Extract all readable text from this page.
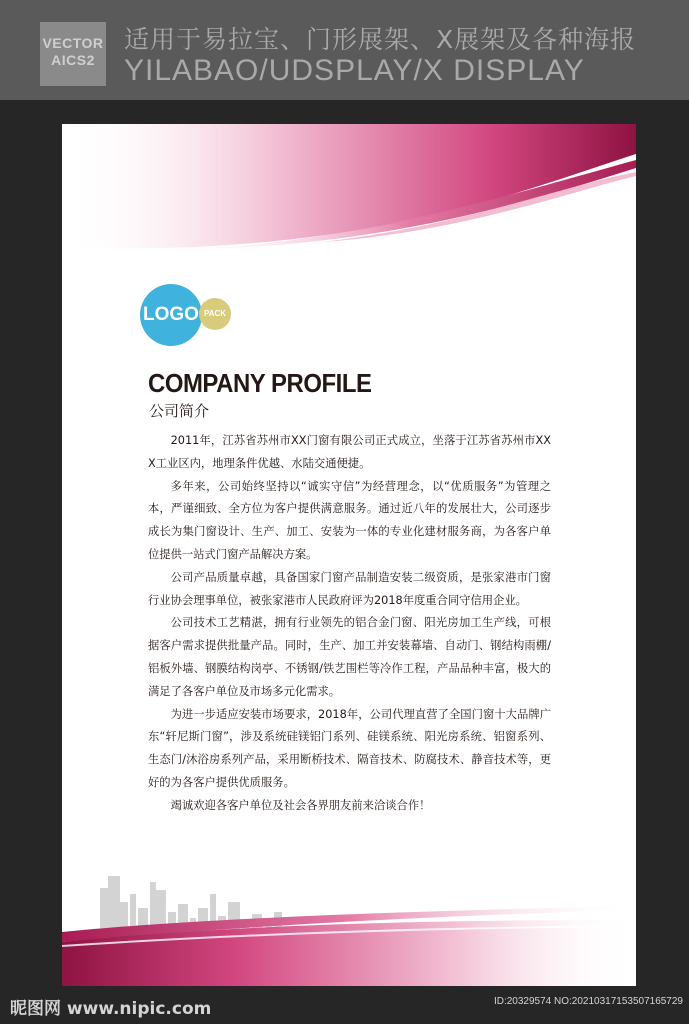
VECTOR
AICS2
适用于易拉宝、门形展架、X展架及各种海报
YILABAO/UDSPLAY/X DISPLAY
LOGO PACK
COMPANY PROFILE
公司简介

2011年，江苏省苏州市XX门窗有限公司正式成立，坐落于江苏省苏州市XXX工业区内，地理条件优越、水陆交通便捷。

多年来，公司始终坚持以“诚实守信”为经营理念，以“优质服务”为管理之本，严谨细致、全方位为客户提供满意服务。通过近八年的发展壮大，公司逐步成长为集门窗设计、生产、加工、安装为一体的专业化建材服务商，为各客户单位提供一站式门窗产品解决方案。

公司产品质量卓越，具备国家门窗产品制造安装二级资质，是张家港市门窗行业协会理事单位，被张家港市人民政府评为2018年度重合同守信用企业。

公司技术工艺精湛，拥有行业领先的铝合金门窗、阳光房加工生产线，可根据客户需求提供批量产品。同时，生产、加工并安装幕墙、自动门、钢结构雨棚/铝板外墙、钢膜结构岗亭、不锈钢/铁艺围栏等冷作工程，产品品种丰富，极大的满足了各客户单位及市场多元化需求。

为进一步适应安装市场要求，2018年，公司代理直营了全国门窗十大品牌广东“轩尼斯门窗”，涉及系统硅镁铝门系列、硅镁系统、阳光房系统、铝窗系列、生态门/沐浴房系列产品，采用断桥技术、隔音技术、防腐技术、静音技术等，更好的为各客户提供优质服务。

竭诚欢迎各客户单位及社会各界朋友前来洽谈合作！

昵图网 www.nipic.com	ID:20329574 NO:20210317153507165729
